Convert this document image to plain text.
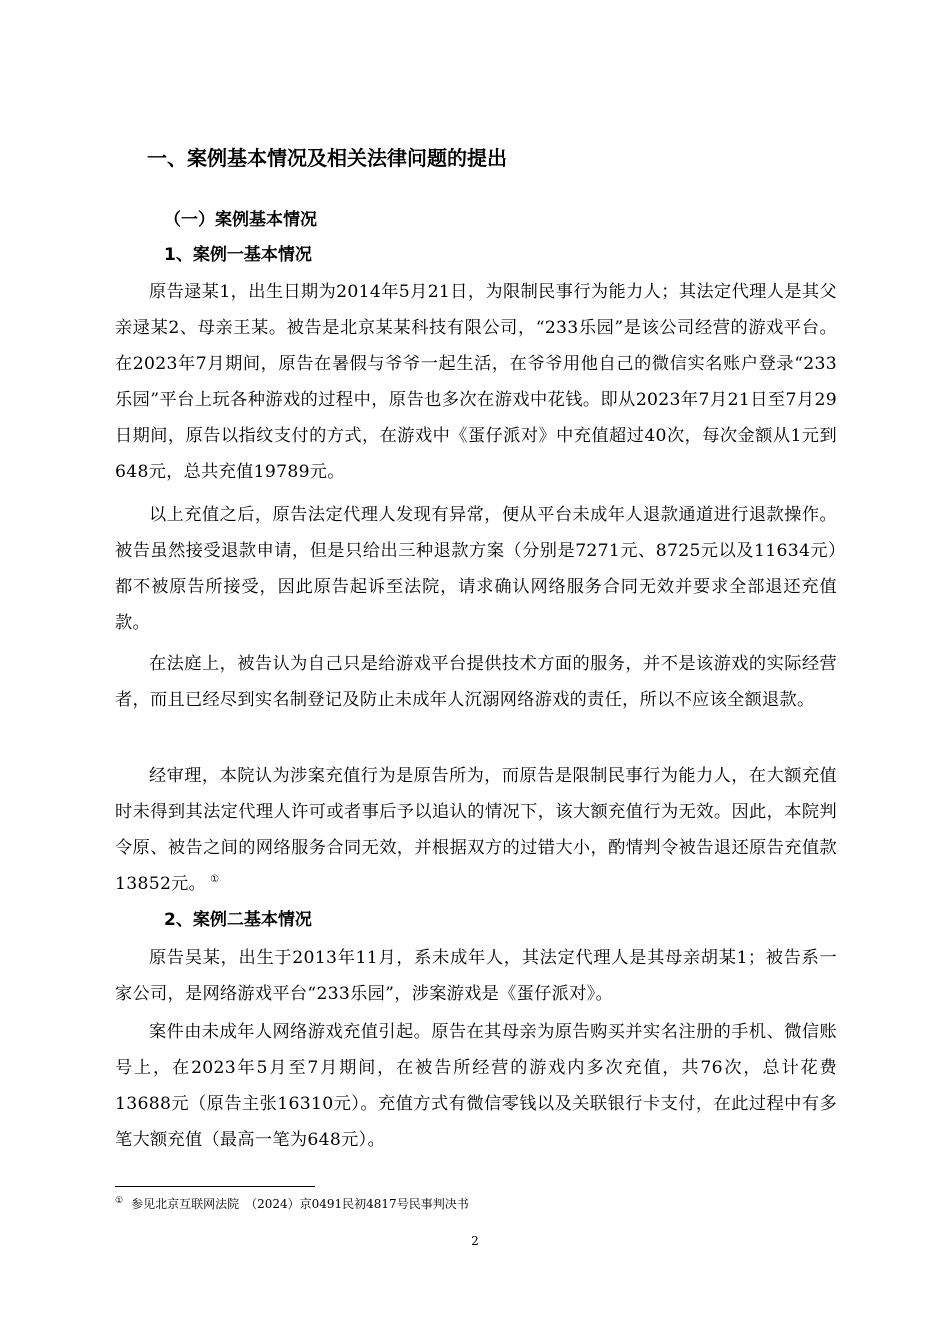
一、案例基本情况及相关法律问题的提出
（一）案例基本情况
1、案例一基本情况
原告逯某1，出生日期为2014年5月21日，为限制民事行为能力人；其法定代理人是其父亲逯某2、母亲王某。被告是北京某某科技有限公司，“233乐园”是该公司经营的游戏平台。在2023年7月期间，原告在暑假与爷爷一起生活，在爷爷用他自己的微信实名账户登录“233乐园”平台上玩各种游戏的过程中，原告也多次在游戏中花钱。即从2023年7月21日至7月29日期间，原告以指纹支付的方式，在游戏中《蛋仔派对》中充值超过40次，每次金额从1元到648元，总共充值19789元。
以上充值之后，原告法定代理人发现有异常，便从平台未成年人退款通道进行退款操作。被告虽然接受退款申请，但是只给出三种退款方案（分别是7271元、8725元以及11634元）都不被原告所接受，因此原告起诉至法院，请求确认网络服务合同无效并要求全部退还充值款。
在法庭上，被告认为自己只是给游戏平台提供技术方面的服务，并不是该游戏的实际经营者，而且已经尽到实名制登记及防止未成年人沉溺网络游戏的责任，所以不应该全额退款。
经审理，本院认为涉案充值行为是原告所为，而原告是限制民事行为能力人，在大额充值时未得到其法定代理人许可或者事后予以追认的情况下，该大额充值行为无效。因此，本院判令原、被告之间的网络服务合同无效，并根据双方的过错大小，酌情判令被告退还原告充值款13852元。 ①
2、案例二基本情况
原告吴某，出生于2013年11月，系未成年人，其法定代理人是其母亲胡某1；被告系一家公司，是网络游戏平台“233乐园”，涉案游戏是《蛋仔派对》。
案件由未成年人网络游戏充值引起。原告在其母亲为原告购买并实名注册的手机、微信账号上，在2023年5月至7月期间，在被告所经营的游戏内多次充值，共76次，总计花费13688元（原告主张16310元）。充值方式有微信零钱以及关联银行卡支付，在此过程中有多笔大额充值（最高一笔为648元）。
① 参见北京互联网法院　（2024）京0491民初4817号民事判决书
2
